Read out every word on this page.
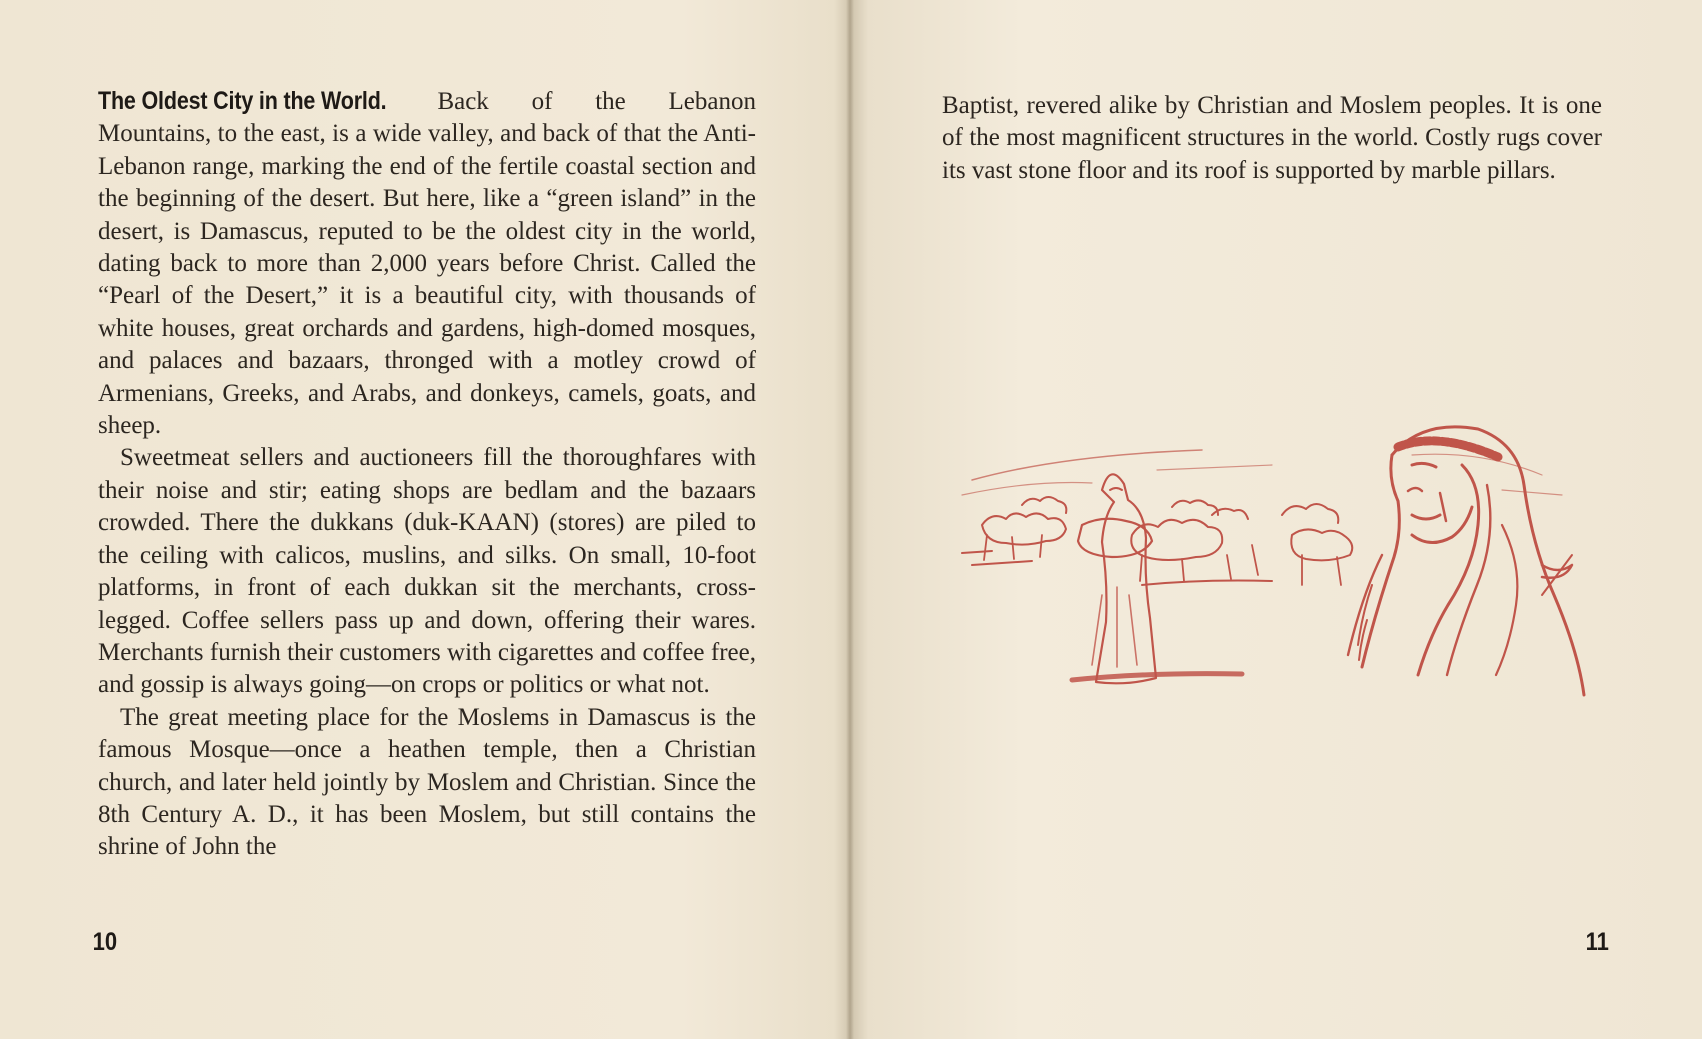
The Oldest City in the World. Back of the Lebanon Mountains, to the east, is a wide valley, and back of that the Anti-Lebanon range, marking the end of the fertile coastal section and the beginning of the desert. But here, like a “green island” in the desert, is Damascus, reputed to be the oldest city in the world, dating back to more than 2,000 years before Christ. Called the “Pearl of the Desert,” it is a beautiful city, with thousands of white houses, great orchards and gardens, high-domed mosques, and palaces and bazaars, thronged with a motley crowd of Armenians, Greeks, and Arabs, and donkeys, camels, goats, and sheep.

Sweetmeat sellers and auctioneers fill the thoroughfares with their noise and stir; eating shops are bedlam and the bazaars crowded. There the dukkans (duk-KAAN) (stores) are piled to the ceiling with calicos, muslins, and silks. On small, 10-foot platforms, in front of each dukkan sit the merchants, cross-legged. Coffee sellers pass up and down, offering their wares. Merchants furnish their customers with cigarettes and coffee free, and gossip is always going—on crops or politics or what not.

The great meeting place for the Moslems in Damascus is the famous Mosque—once a heathen temple, then a Christian church, and later held jointly by Moslem and Christian. Since the 8th Century A. D., it has been Moslem, but still contains the shrine of John the

10

Baptist, revered alike by Christian and Moslem peoples. It is one of the most magnificent structures in the world. Costly rugs cover its vast stone floor and its roof is supported by marble pillars.

11
